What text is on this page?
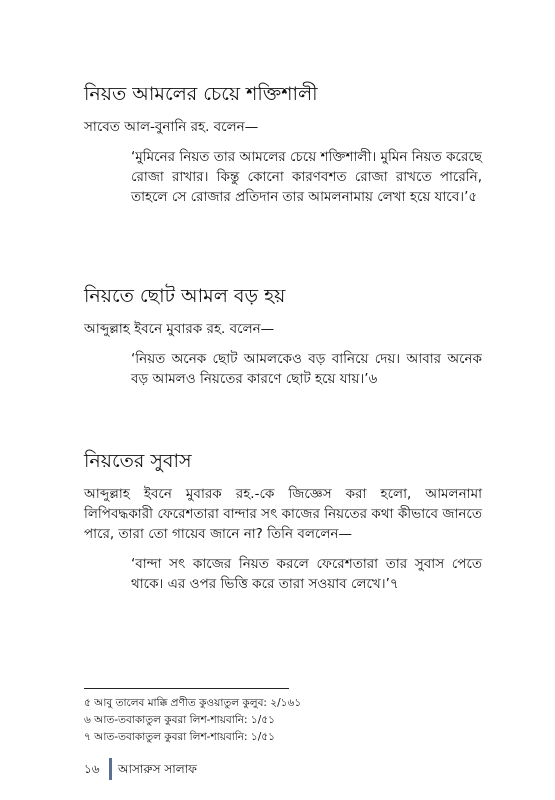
নিয়ত আমলের চেয়ে শক্তিশালী

সাবেত আল-বুনানি রহ. বলেন—

‘মুমিনের নিয়ত তার আমলের চেয়ে শক্তিশালী। মুমিন নিয়ত করেছে রোজা রাখার। কিন্তু কোনো কারণবশত রোজা রাখতে পারেনি, তাহলে সে রোজার প্রতিদান তার আমলনামায় লেখা হয়ে যাবে।’৫

নিয়তে ছোট আমল বড় হয়

আব্দুল্লাহ ইবনে মুবারক রহ. বলেন—

‘নিয়ত অনেক ছোট আমলকেও বড় বানিয়ে দেয়। আবার অনেক বড় আমলও নিয়তের কারণে ছোট হয়ে যায়।’৬

নিয়তের সুবাস

আব্দুল্লাহ ইবনে মুবারক রহ.-কে জিজ্ঞেস করা হলো, আমলনামা লিপিবদ্ধকারী ফেরেশতারা বান্দার সৎ কাজের নিয়তের কথা কীভাবে জানতে পারে, তারা তো গায়েব জানে না? তিনি বললেন—

‘বান্দা সৎ কাজের নিয়ত করলে ফেরেশতারা তার সুবাস পেতে থাকে। এর ওপর ভিত্তি করে তারা সওয়াব লেখে।’৭

৫ আবু তালেব মাক্কি প্রণীত কুওয়াতুল কুলুব: ২/১৬১
৬ আত-তবাকাতুল কুবরা লিশ-শায়বানি: ১/৫১
৭ আত-তবাকাতুল কুবরা লিশ-শায়বানি: ১/৫১
১৬	আসারুস সালাফ
